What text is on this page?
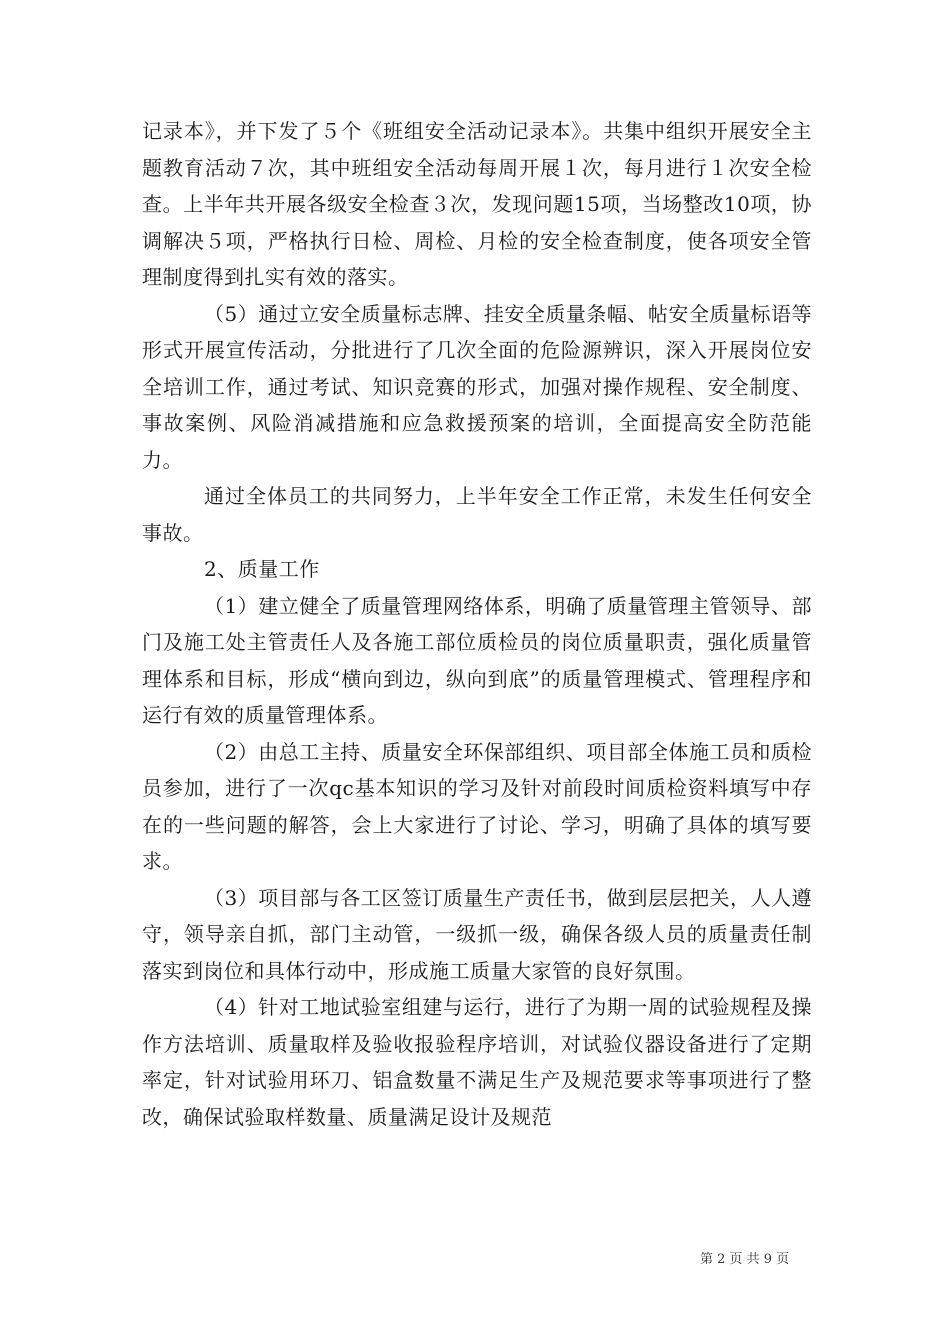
记录本》，并下发了５个《班组安全活动记录本》。共集中组织开展安全主题教育活动７次，其中班组安全活动每周开展１次，每月进行１次安全检查。上半年共开展各级安全检查３次，发现问题15项，当场整改10项，协调解决５项，严格执行日检、周检、月检的安全检查制度，使各项安全管理制度得到扎实有效的落实。

（5）通过立安全质量标志牌、挂安全质量条幅、帖安全质量标语等形式开展宣传活动，分批进行了几次全面的危险源辨识，深入开展岗位安全培训工作，通过考试、知识竞赛的形式，加强对操作规程、安全制度、事故案例、风险消减措施和应急救援预案的培训，全面提高安全防范能力。

通过全体员工的共同努力，上半年安全工作正常，未发生任何安全事故。

2、质量工作

（1）建立健全了质量管理网络体系，明确了质量管理主管领导、部门及施工处主管责任人及各施工部位质检员的岗位质量职责，强化质量管理体系和目标，形成“横向到边，纵向到底”的质量管理模式、管理程序和运行有效的质量管理体系。

（2）由总工主持、质量安全环保部组织、项目部全体施工员和质检员参加，进行了一次qc基本知识的学习及针对前段时间质检资料填写中存在的一些问题的解答，会上大家进行了讨论、学习，明确了具体的填写要求。

（3）项目部与各工区签订质量生产责任书，做到层层把关，人人遵守，领导亲自抓，部门主动管，一级抓一级，确保各级人员的质量责任制落实到岗位和具体行动中，形成施工质量大家管的良好氛围。

（4）针对工地试验室组建与运行，进行了为期一周的试验规程及操作方法培训、质量取样及验收报验程序培训，对试验仪器设备进行了定期率定，针对试验用环刀、铝盒数量不满足生产及规范要求等事项进行了整改，确保试验取样数量、质量满足设计及规范

第 2 页 共 9 页
